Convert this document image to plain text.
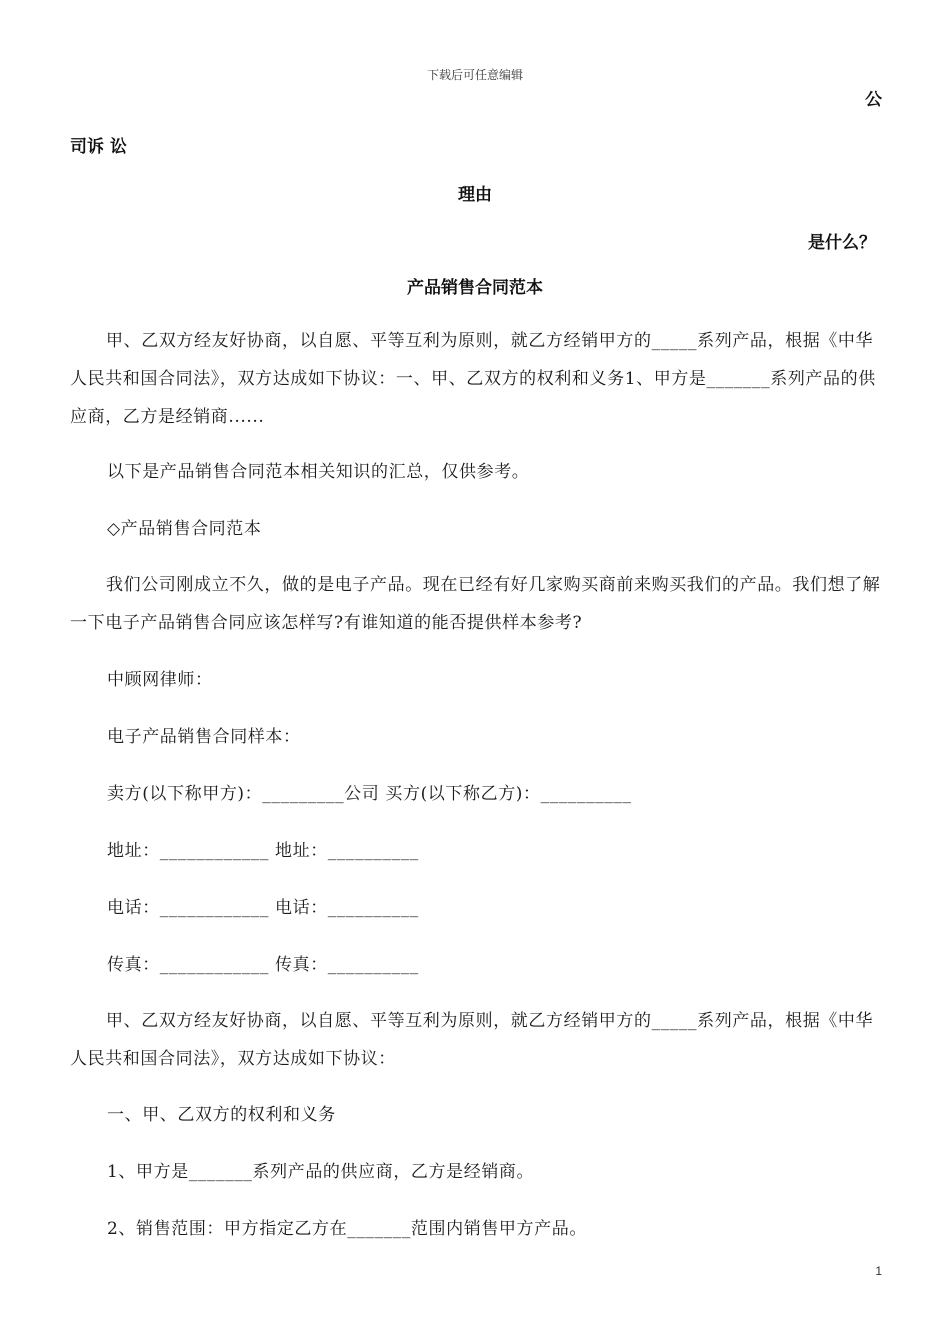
下载后可任意编辑
公
司诉 讼
理由
是什么？
产品销售合同范本
甲、乙双方经友好协商，以自愿、平等互利为原则，就乙方经销甲方的_____系列产品，根据《中华人民共和国合同法》，双方达成如下协议：一、甲、乙双方的权利和义务1、甲方是_______系列产品的供应商，乙方是经销商......
以下是产品销售合同范本相关知识的汇总，仅供参考。
◇产品销售合同范本
我们公司刚成立不久，做的是电子产品。现在已经有好几家购买商前来购买我们的产品。我们想了解一下电子产品销售合同应该怎样写?有谁知道的能否提供样本参考?
中顾网律师：
电子产品销售合同样本：
卖方(以下称甲方)：_________公司 买方(以下称乙方)：__________
地址：____________ 地址：__________
电话：____________ 电话：__________
传真：____________ 传真：__________
甲、乙双方经友好协商，以自愿、平等互利为原则，就乙方经销甲方的_____系列产品，根据《中华人民共和国合同法》，双方达成如下协议：
一、甲、乙双方的权利和义务
1、甲方是_______系列产品的供应商，乙方是经销商。
2、销售范围：甲方指定乙方在_______范围内销售甲方产品。
1
